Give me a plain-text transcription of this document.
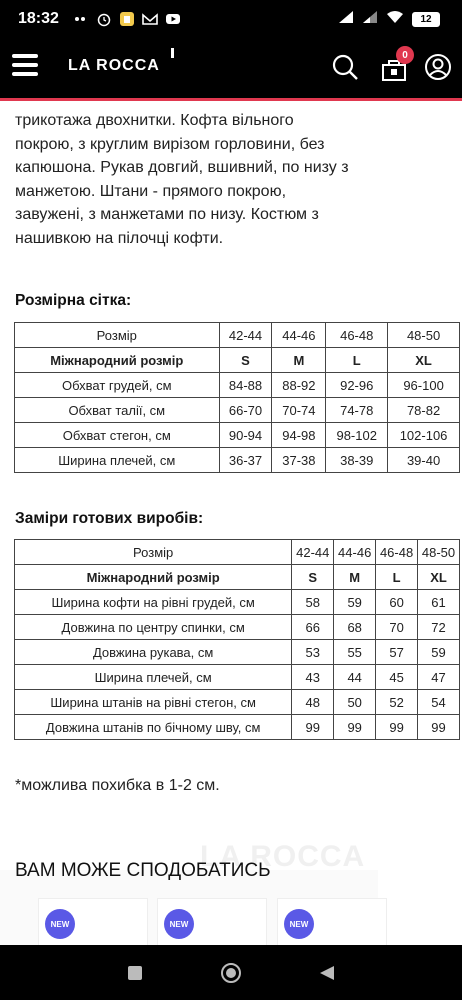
18:32	12
LA ROCCA
0
трикотажа двохнитки. Кофта вільного
покрою, з круглим вирізом горловини, без
капюшона. Рукав довгий, вшивний, по низу з
манжетою. Штани - прямого покрою,
завужені, з манжетами по низу. Костюм з
нашивкою на пілочці кофти.
Розмірна сітка:
Розмір	42-44	44-46	46-48	48-50
Міжнародний розмір	S	M	L	XL
Обхват грудей, см	84-88	88-92	92-96	96-100
Обхват талії, см	66-70	70-74	74-78	78-82
Обхват стегон, см	90-94	94-98	98-102	102-106
Ширина плечей, см	36-37	37-38	38-39	39-40
Заміри готових виробів:
Розмір	42-44	44-46	46-48	48-50
Міжнародний розмір	S	M	L	XL
Ширина кофти на рівні грудей, см	58	59	60	61
Довжина по центру спинки, см	66	68	70	72
Довжина рукава, см	53	55	57	59
Ширина плечей, см	43	44	45	47
Ширина штанів на рівні стегон, см	48	50	52	54
Довжина штанів по бічному шву, см	99	99	99	99
*можлива похибка в 1-2 см.
LA ROCCA
ВАМ МОЖЕ СПОДОБАТИСЬ
NEW	NEW	NEW
